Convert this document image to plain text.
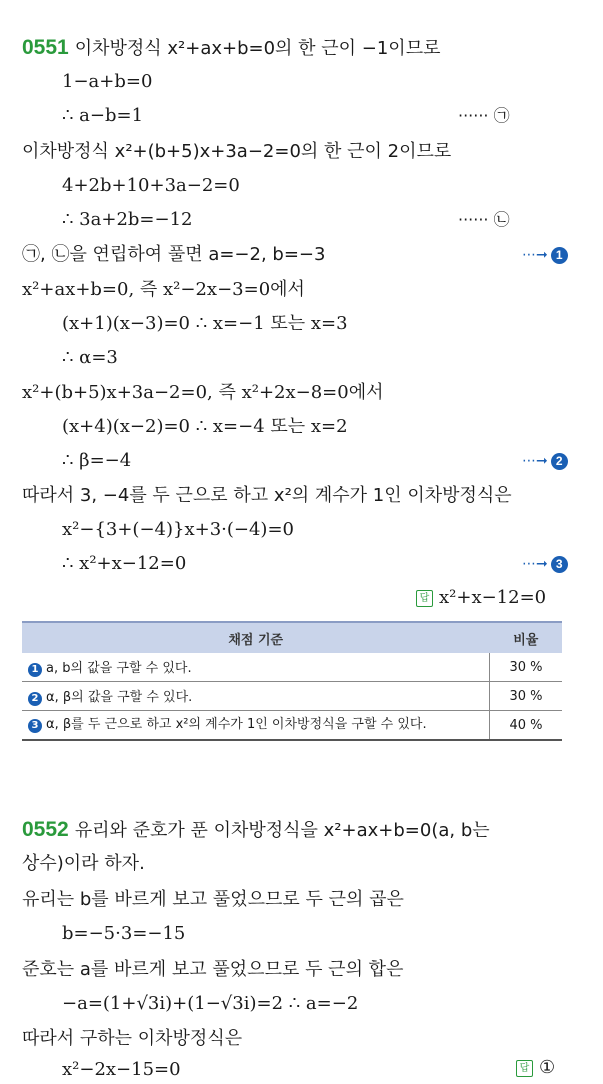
0551 이차방정식 x²+ax+b=0의 한 근이 −1이므로
1−a+b=0
∴ a−b=1	······ ㉠
이차방정식 x²+(b+5)x+3a−2=0의 한 근이 2이므로
4+2b+10+3a−2=0
∴ 3a+2b=−12	······ ㉡
㉠, ㉡을 연립하여 풀면 a=−2, b=−3	⋯➞ 1
x²+ax+b=0, 즉 x²−2x−3=0에서
(x+1)(x−3)=0 ∴ x=−1 또는 x=3
∴ α=3
x²+(b+5)x+3a−2=0, 즉 x²+2x−8=0에서
(x+4)(x−2)=0 ∴ x=−4 또는 x=2
∴ β=−4	⋯➞ 2
따라서 3, −4를 두 근으로 하고 x²의 계수가 1인 이차방정식은
x²−{3+(−4)}x+3·(−4)=0
∴ x²+x−12=0	⋯➞ 3
답 x²+x−12=0
채점 기준	비율
1 a, b의 값을 구할 수 있다.	30 %
2 α, β의 값을 구할 수 있다.	30 %
3 α, β를 두 근으로 하고 x²의 계수가 1인 이차방정식을 구할 수 있다.	40 %
0552 유리와 준호가 푼 이차방정식을 x²+ax+b=0(a, b는
상수)이라 하자.
유리는 b를 바르게 보고 풀었으므로 두 근의 곱은
b=−5·3=−15
준호는 a를 바르게 보고 풀었으므로 두 근의 합은
−a=(1+√3i)+(1−√3i)=2 ∴ a=−2
따라서 구하는 이차방정식은
x²−2x−15=0	답 ①
